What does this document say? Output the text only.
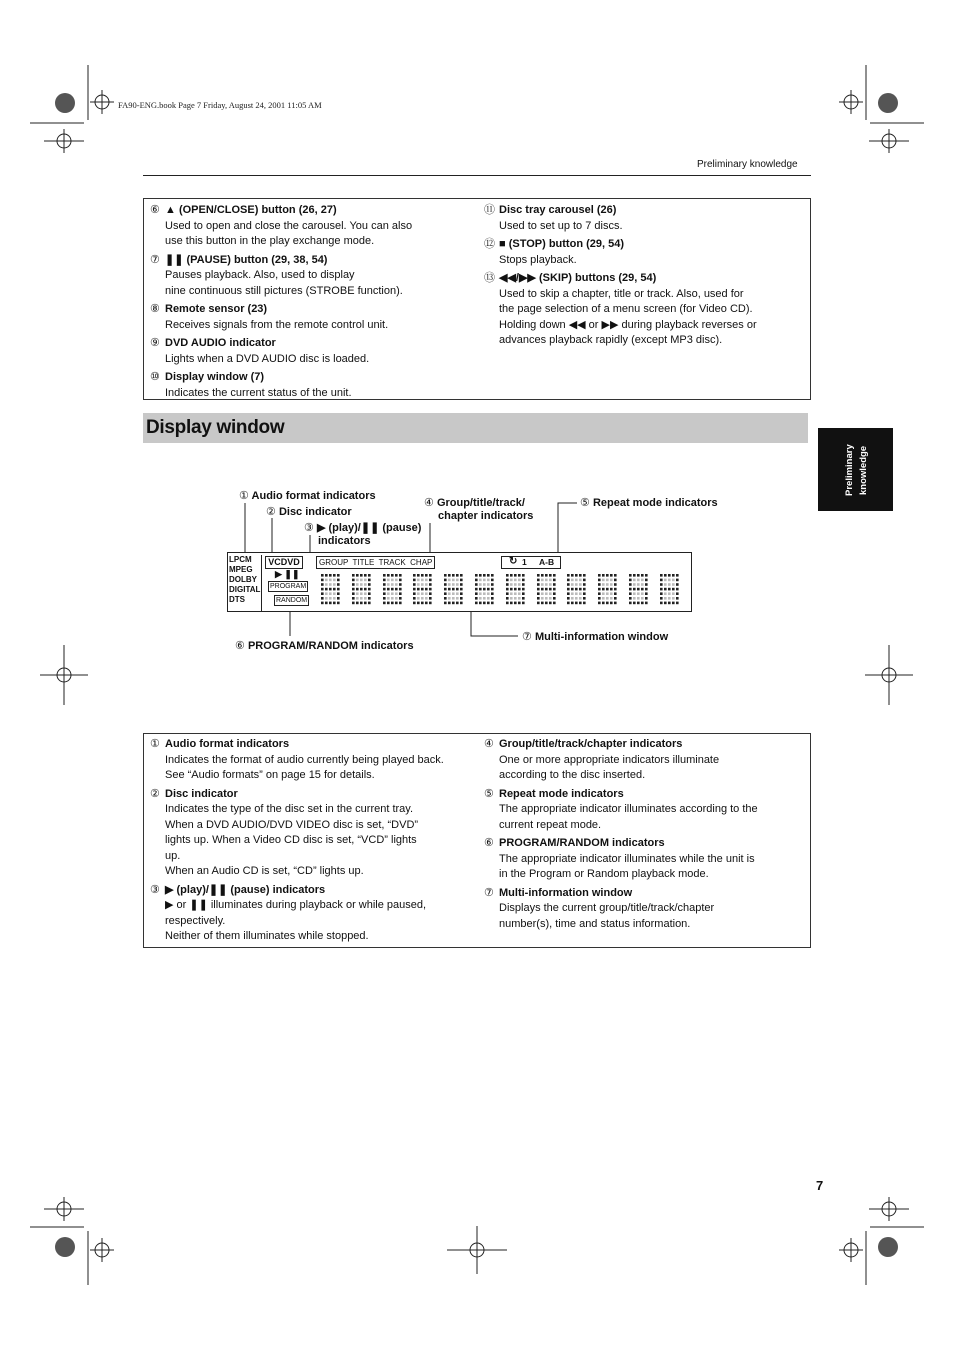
FA90-ENG.book Page 7 Friday, August 24, 2001 11:05 AM
Preliminary knowledge
⑥ ▲ (OPEN/CLOSE) button (26, 27)
Used to open and close the carousel. You can also
use this button in the play exchange mode.
⑦ ❚❚ (PAUSE) button (29, 38, 54)
Pauses playback. Also, used to display
nine continuous still pictures (STROBE function).
⑧ Remote sensor (23)
Receives signals from the remote control unit.
⑨ DVD AUDIO indicator
Lights when a DVD AUDIO disc is loaded.
⑩ Display window (7)
Indicates the current status of the unit.
⑪ Disc tray carousel (26)
Used to set up to 7 discs.
⑫ ■ (STOP) button (29, 54)
Stops playback.
⑬ ◀◀/▶▶ (SKIP) buttons (29, 54)
Used to skip a chapter, title or track. Also, used for
the page selection of a menu screen (for Video CD).
Holding down ◀◀ or ▶▶ during playback reverses or
advances playback rapidly (except MP3 disc).
Display window
Preliminary knowledge
① Audio format indicators
② Disc indicator
③ ▶ (play)/❚❚ (pause)
indicators
④ Group/title/track/
chapter indicators
⑤ Repeat mode indicators
⑥ PROGRAM/RANDOM indicators
⑦ Multi-information window
LPCM
MPEG
DOLBY
DIGITAL
DTS
VCDVD
▶ ❚❚
PROGRAM
RANDOM
GROUP  TITLE  TRACK  CHAP	↻ 1 A-B
① Audio format indicators
Indicates the format of audio currently being played back.
See “Audio formats” on page 15 for details.
② Disc indicator
Indicates the type of the disc set in the current tray.
When a DVD AUDIO/DVD VIDEO disc is set, “DVD”
lights up. When a Video CD disc is set, “VCD” lights
up.
When an Audio CD is set, “CD” lights up.
③ ▶ (play)/❚❚ (pause) indicators
▶ or ❚❚ illuminates during playback or while paused,
respectively.
Neither of them illuminates while stopped.
④ Group/title/track/chapter indicators
One or more appropriate indicators illuminate
according to the disc inserted.
⑤ Repeat mode indicators
The appropriate indicator illuminates according to the
current repeat mode.
⑥ PROGRAM/RANDOM indicators
The appropriate indicator illuminates while the unit is
in the Program or Random playback mode.
⑦ Multi-information window
Displays the current group/title/track/chapter
number(s), time and status information.
7
